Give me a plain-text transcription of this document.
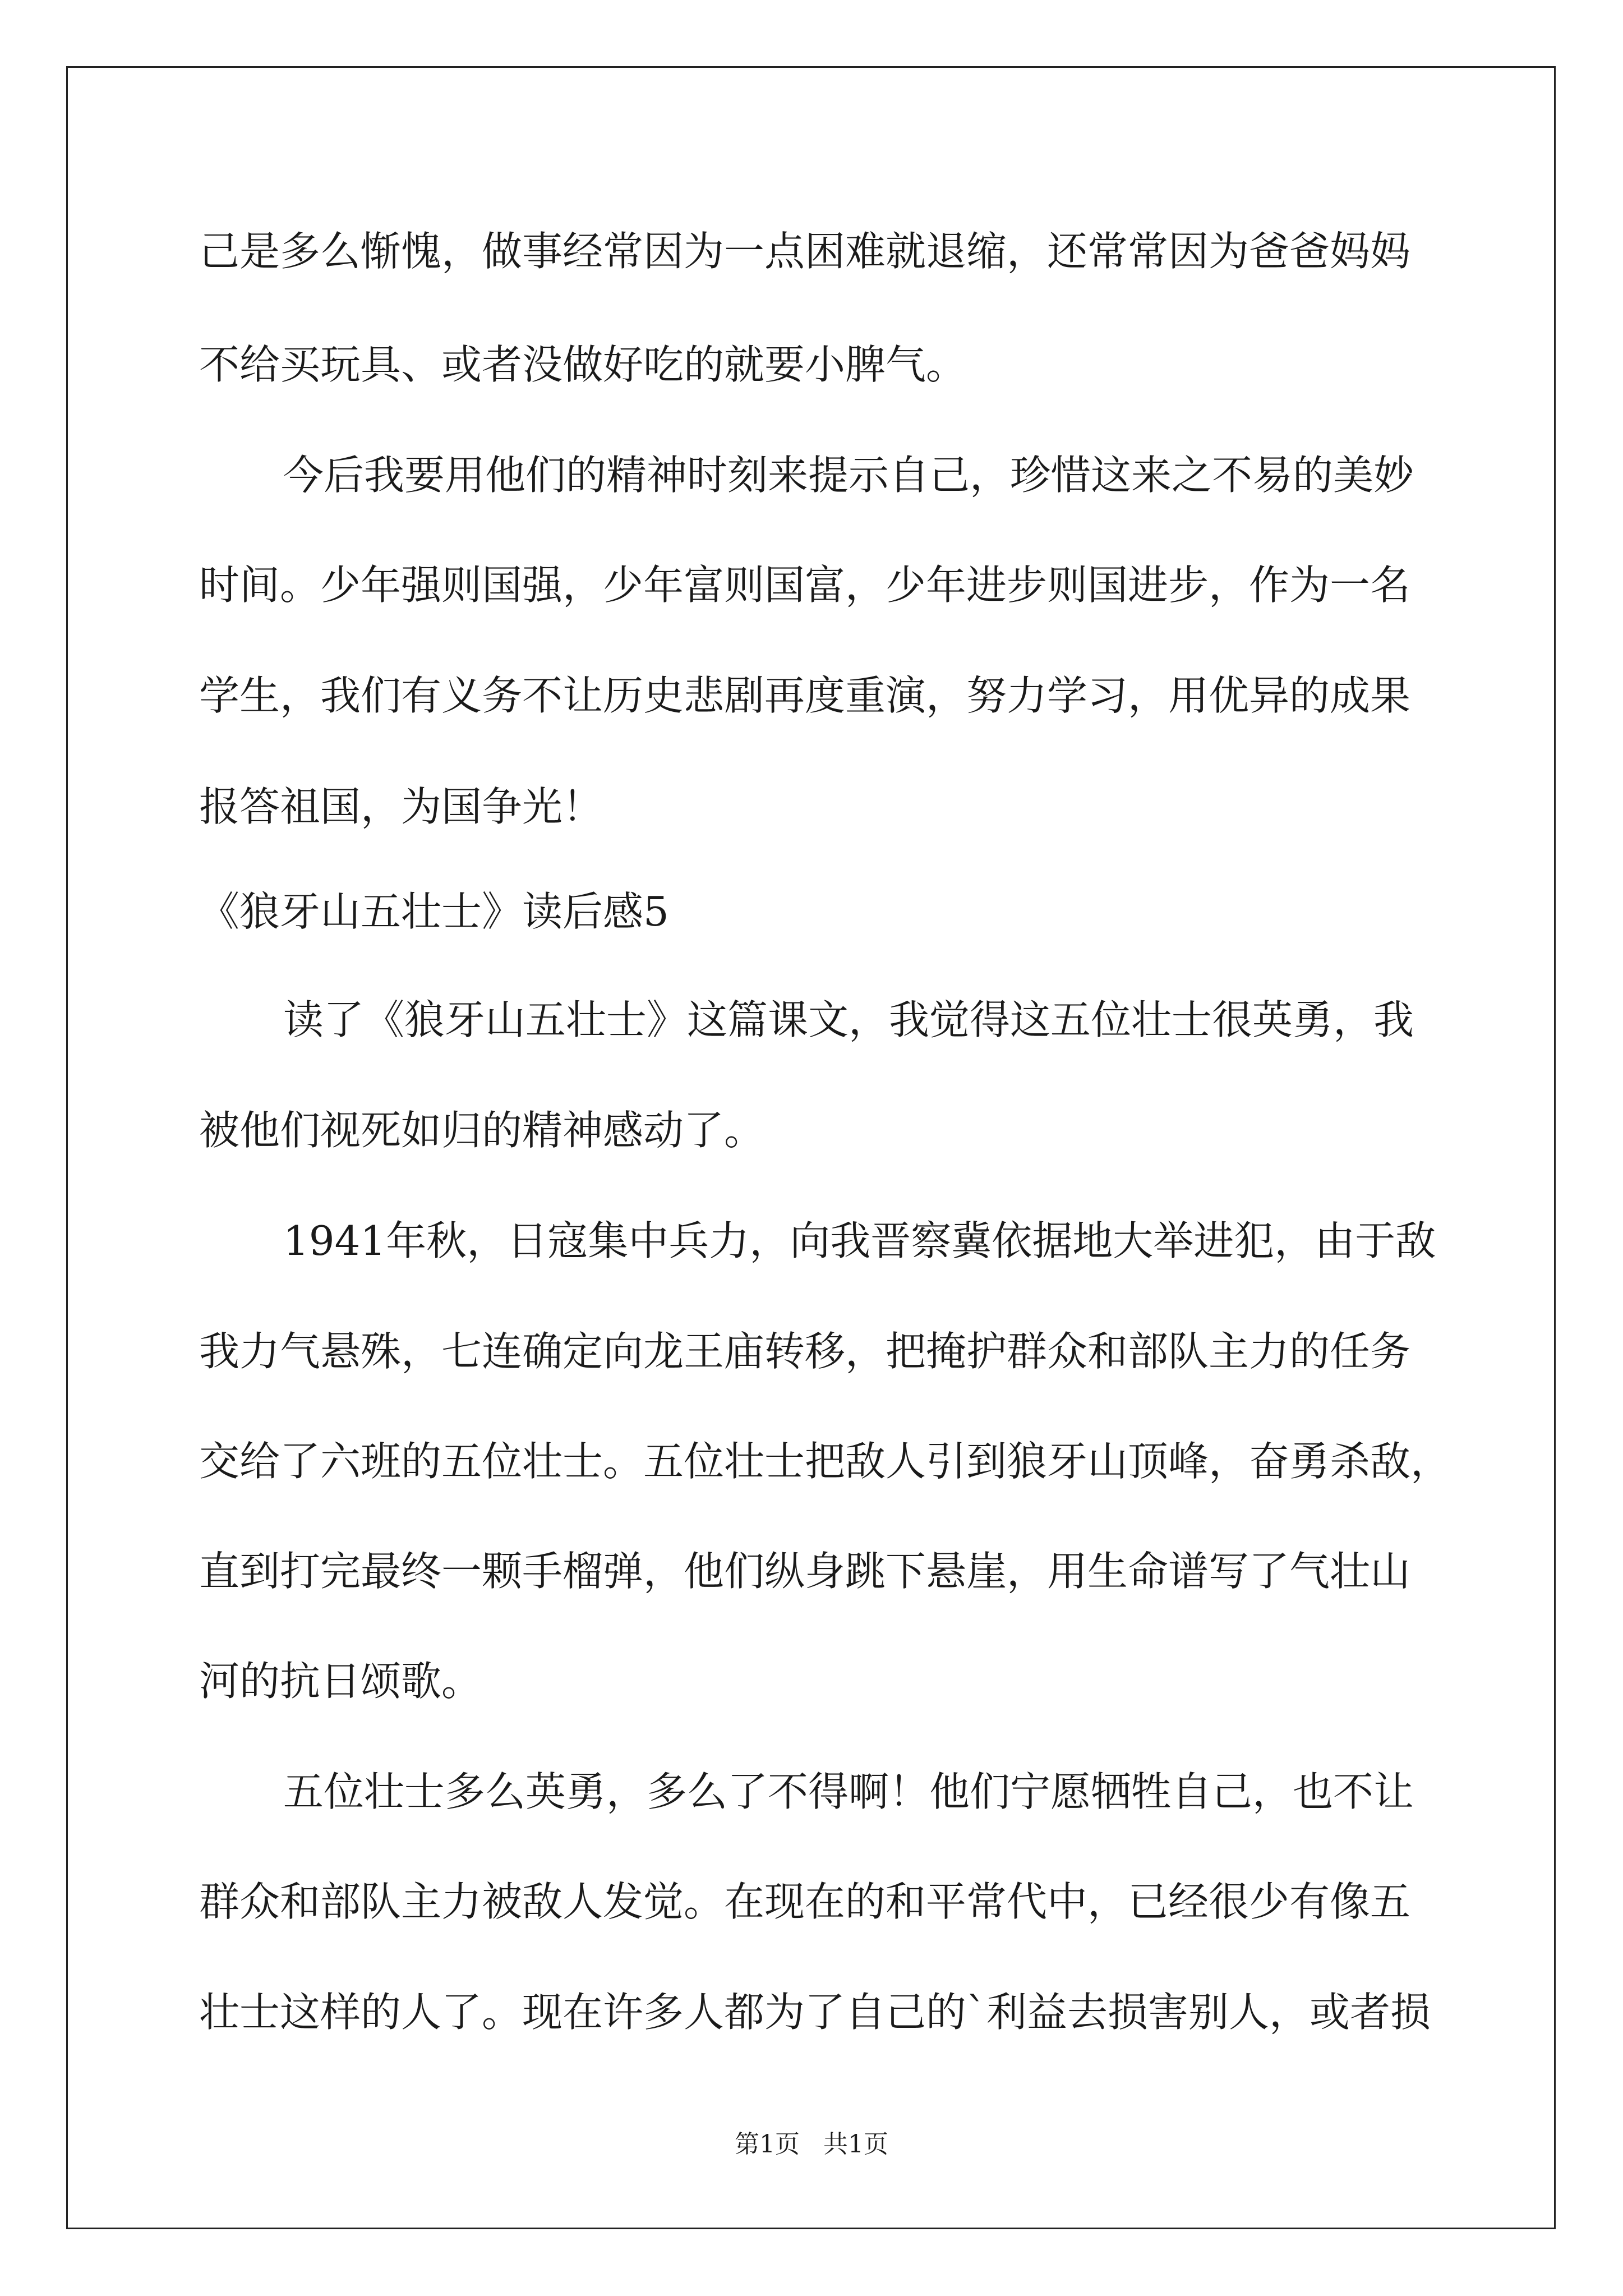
己是多么惭愧，做事经常因为一点困难就退缩，还常常因为爸爸妈妈
不给买玩具、或者没做好吃的就要小脾气。
今后我要用他们的精神时刻来提示自己，珍惜这来之不易的美妙
时间。少年强则国强，少年富则国富，少年进步则国进步，作为一名
学生，我们有义务不让历史悲剧再度重演，努力学习，用优异的成果
报答祖国，为国争光！
《狼牙山五壮士》读后感5
读了《狼牙山五壮士》这篇课文，我觉得这五位壮士很英勇，我
被他们视死如归的精神感动了。
1941年秋，日寇集中兵力，向我晋察冀依据地大举进犯，由于敌
我力气悬殊，七连确定向龙王庙转移，把掩护群众和部队主力的任务
交给了六班的五位壮士。五位壮士把敌人引到狼牙山顶峰，奋勇杀敌，
直到打完最终一颗手榴弹，他们纵身跳下悬崖，用生命谱写了气壮山
河的抗日颂歌。
五位壮士多么英勇，多么了不得啊！他们宁愿牺牲自己，也不让
群众和部队主力被敌人发觉。在现在的和平常代中，已经很少有像五
壮士这样的人了。现在许多人都为了自己的`利益去损害别人，或者损
第1页   共1页
